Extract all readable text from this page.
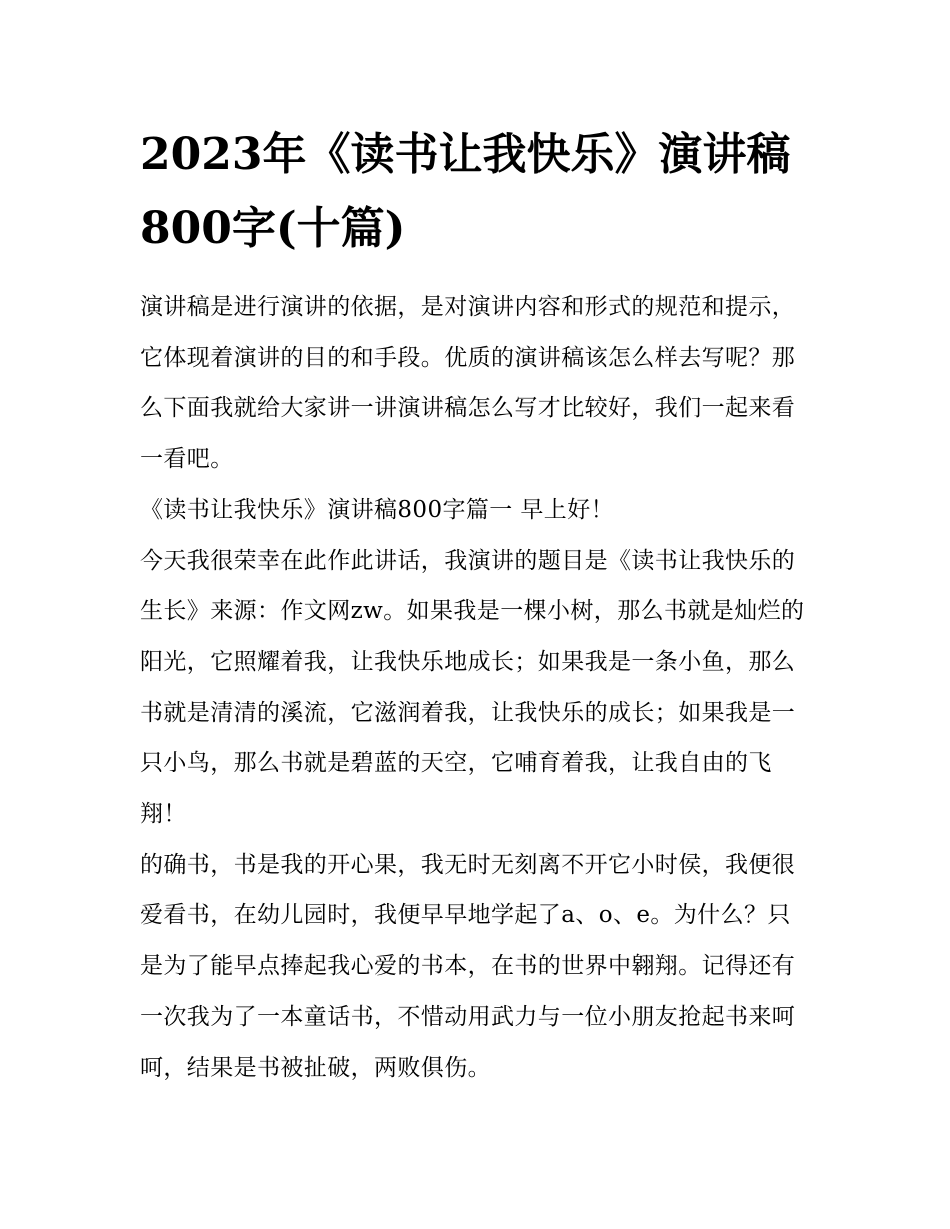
2023年《读书让我快乐》演讲稿800字(十篇)

演讲稿是进行演讲的依据，是对演讲内容和形式的规范和提示，它体现着演讲的目的和手段。优质的演讲稿该怎么样去写呢？那么下面我就给大家讲一讲演讲稿怎么写才比较好，我们一起来看一看吧。

《读书让我快乐》演讲稿800字篇一 早上好！

今天我很荣幸在此作此讲话，我演讲的题目是《读书让我快乐的生长》来源：作文网zw。如果我是一棵小树，那么书就是灿烂的阳光，它照耀着我，让我快乐地成长；如果我是一条小鱼，那么书就是清清的溪流，它滋润着我，让我快乐的成长；如果我是一只小鸟，那么书就是碧蓝的天空，它哺育着我，让我自由的飞翔！

的确书，书是我的开心果，我无时无刻离不开它小时侯，我便很爱看书，在幼儿园时，我便早早地学起了a、o、e。为什么？只是为了能早点捧起我心爱的书本，在书的世界中翱翔。记得还有一次我为了一本童话书，不惜动用武力与一位小朋友抢起书来呵呵，结果是书被扯破，两败俱伤。
